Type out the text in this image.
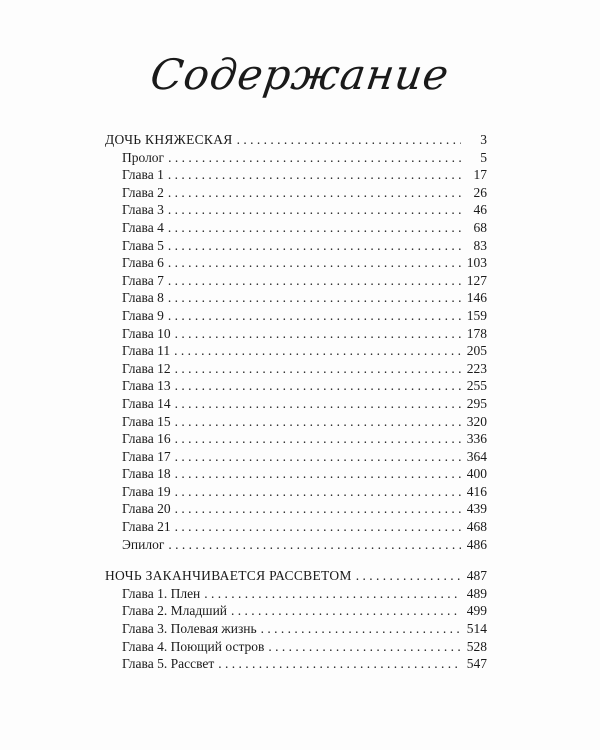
Содержание
ДОЧЬ КНЯЖЕСКАЯ . . .	3
Пролог . . .	5
Глава 1 . . .	17
Глава 2 . . .	26
Глава 3 . . .	46
Глава 4 . . .	68
Глава 5 . . .	83
Глава 6 . . .	103
Глава 7 . . .	127
Глава 8 . . .	146
Глава 9 . . .	159
Глава 10 . . .	178
Глава 11 . . .	205
Глава 12 . . .	223
Глава 13 . . .	255
Глава 14 . . .	295
Глава 15 . . .	320
Глава 16 . . .	336
Глава 17 . . .	364
Глава 18 . . .	400
Глава 19 . . .	416
Глава 20 . . .	439
Глава 21 . . .	468
Эпилог . . .	486
НОЧЬ ЗАКАНЧИВАЕТСЯ РАССВЕТОМ . . .	487
Глава 1. Плен . . .	489
Глава 2. Младший . . .	499
Глава 3. Полевая жизнь . . .	514
Глава 4. Поющий остров . . .	528
Глава 5. Рассвет . . .	547
